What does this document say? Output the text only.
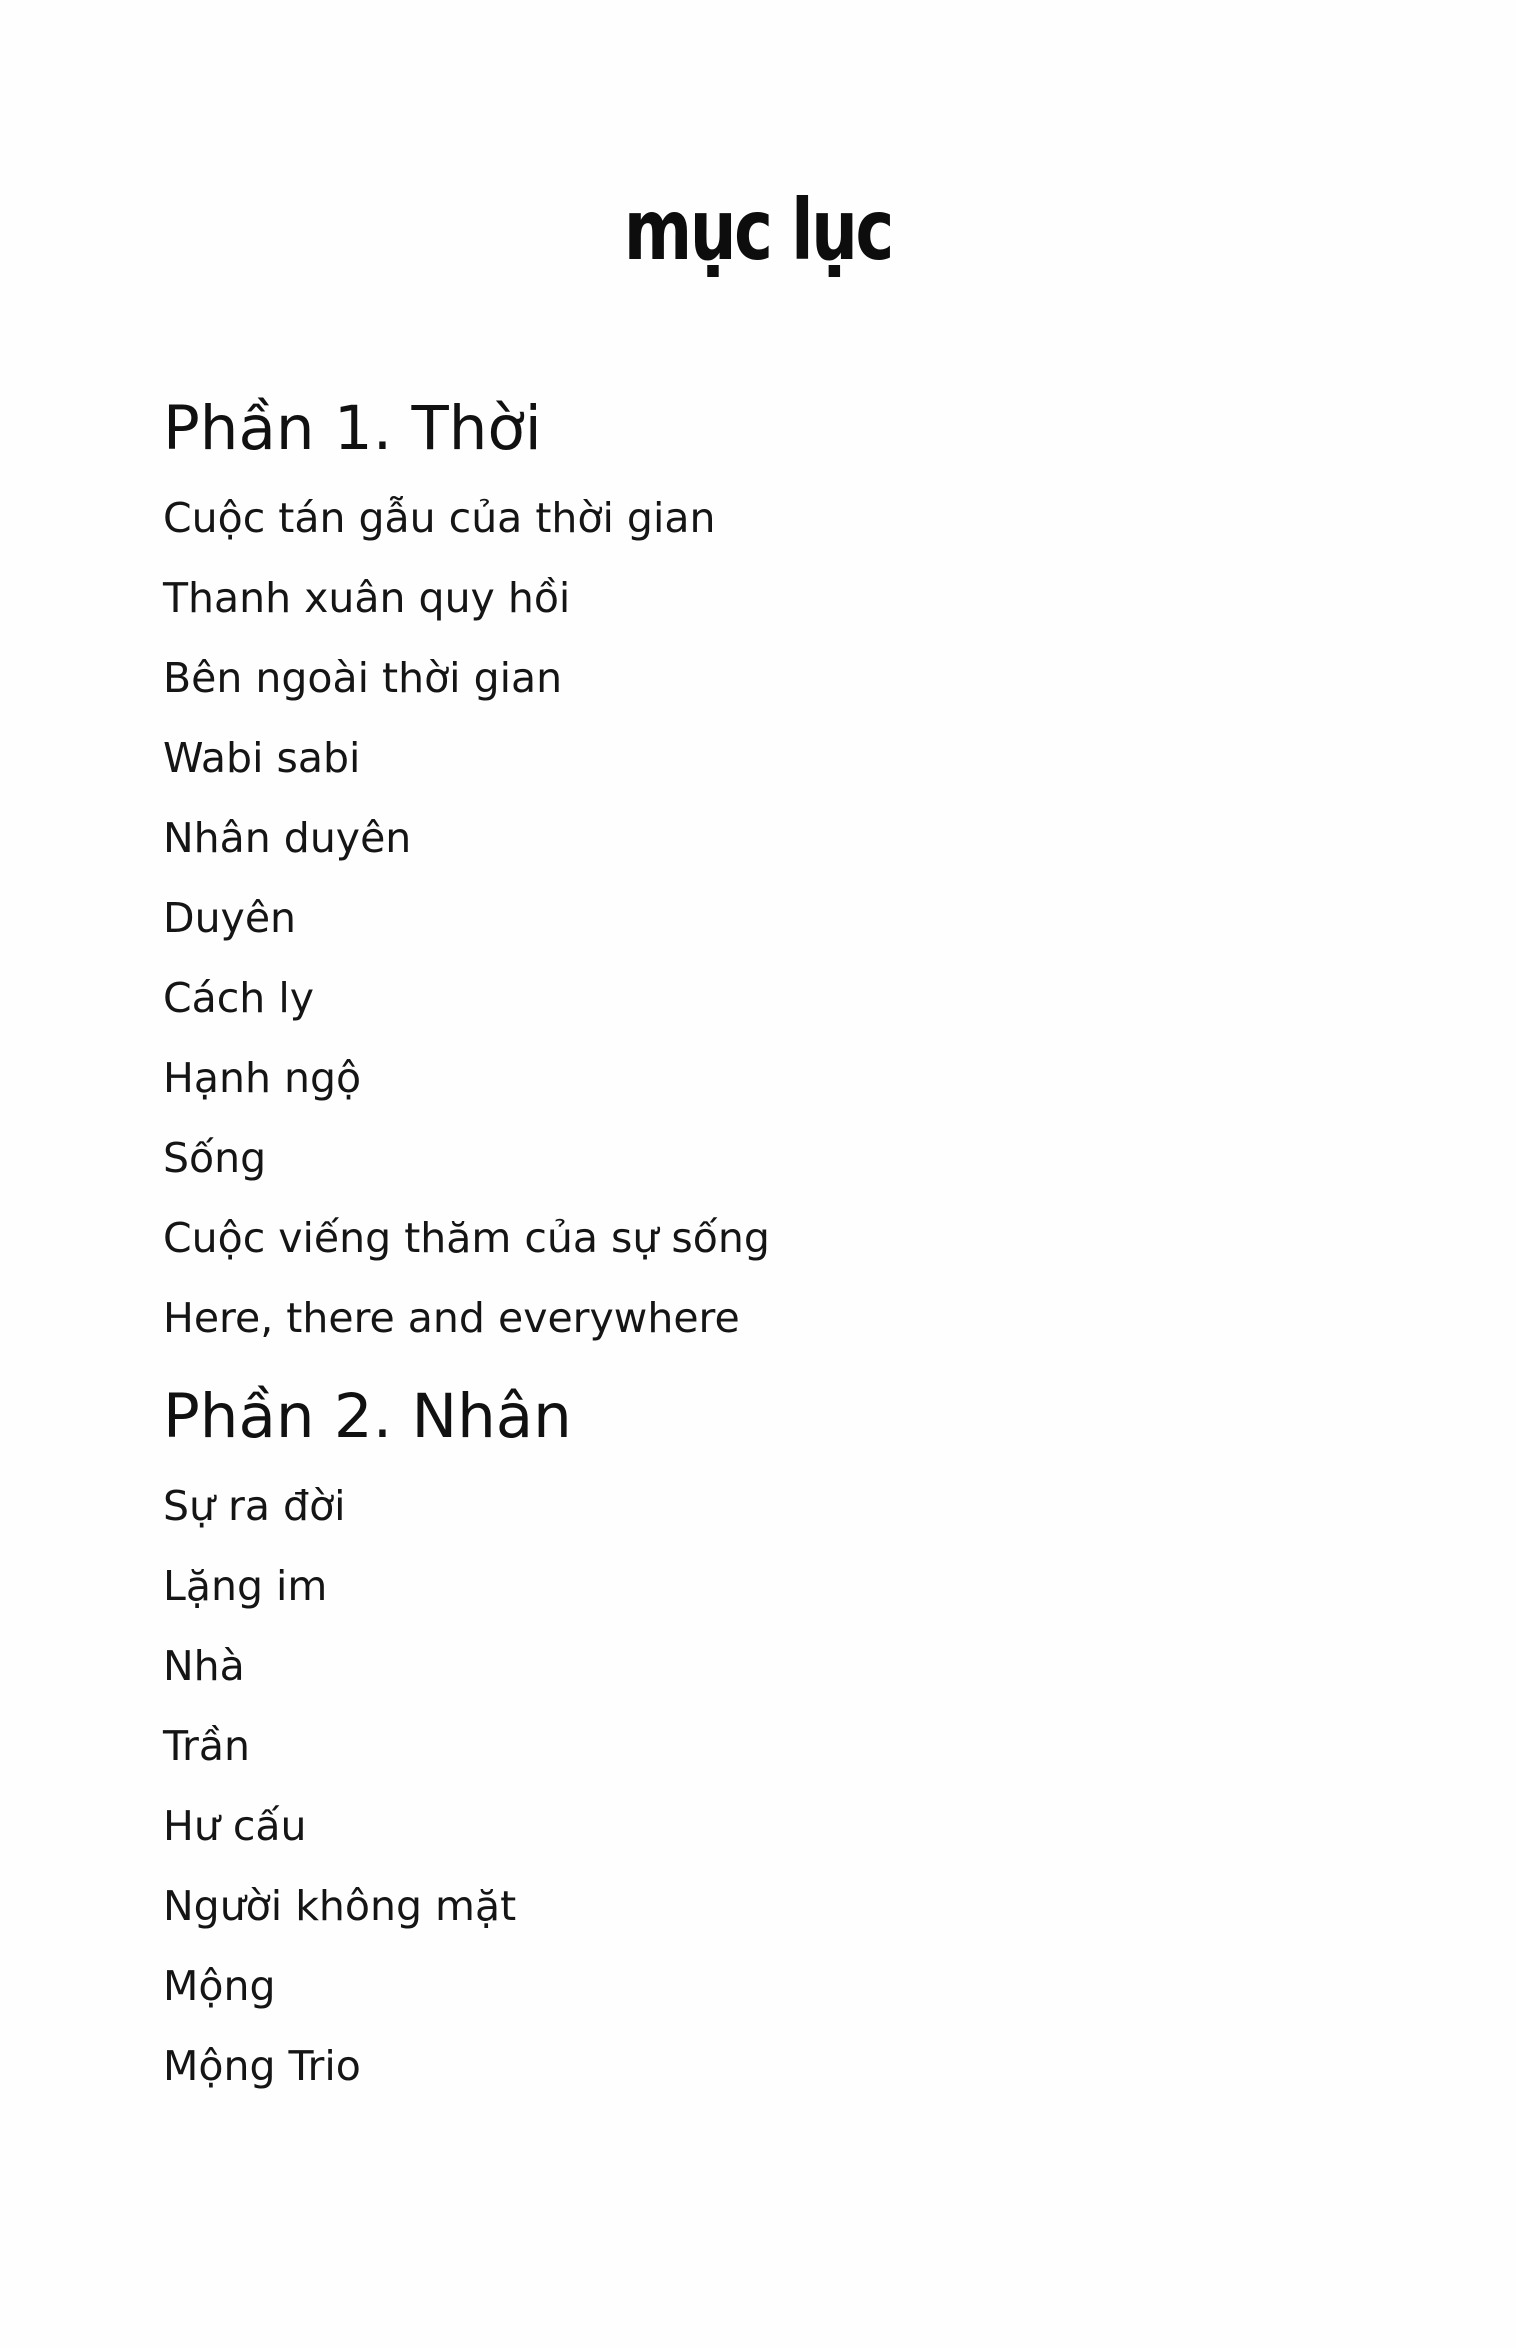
mục lục
Phần 1. Thời
Cuộc tán gẫu của thời gian
Thanh xuân quy hồi
Bên ngoài thời gian
Wabi sabi
Nhân duyên
Duyên
Cách ly
Hạnh ngộ
Sống
Cuộc viếng thăm của sự sống
Here, there and everywhere
Phần 2. Nhân
Sự ra đời
Lặng im
Nhà
Trần
Hư cấu
Người không mặt
Mộng
Mộng Trio
